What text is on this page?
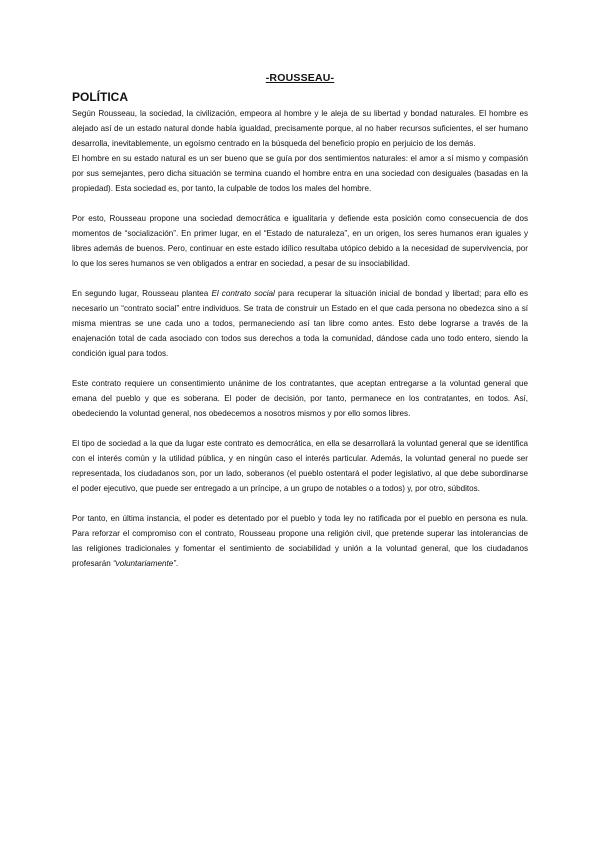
-ROUSSEAU-
POLÍTICA

Según Rousseau, la sociedad, la civilización, empeora al hombre y le aleja de su libertad y bondad naturales. El hombre es alejado así de un estado natural donde había igualdad, precisamente porque, al no haber recursos suficientes, el ser humano desarrolla, inevitablemente, un egoísmo centrado en la búsqueda del beneficio propio en perjuicio de los demás.

El hombre en su estado natural es un ser bueno que se guía por dos sentimientos naturales: el amor a sí mismo y compasión por sus semejantes, pero dicha situación se termina cuando el hombre entra en una sociedad con desiguales (basadas en la propiedad). Esta sociedad es, por tanto, la culpable de todos los males del hombre.

Por esto, Rousseau propone una sociedad democrática e igualitaria y defiende esta posición como consecuencia de dos momentos de “socialización”. En primer lugar, en el “Estado de naturaleza”, en un origen, los seres humanos eran iguales y libres además de buenos. Pero, continuar en este estado idílico resultaba utópico debido a la necesidad de supervivencia, por lo que los seres humanos se ven obligados a entrar en sociedad, a pesar de su insociabilidad.

En segundo lugar, Rousseau plantea El contrato social para recuperar la situación inicial de bondad y libertad; para ello es necesario un “contrato social” entre individuos. Se trata de construir un Estado en el que cada persona no obedezca sino a sí misma mientras se une cada uno a todos, permaneciendo así tan libre como antes. Esto debe lograrse a través de la enajenación total de cada asociado con todos sus derechos a toda la comunidad, dándose cada uno todo entero, siendo la condición igual para todos.

Este contrato requiere un consentimiento unánime de los contratantes, que aceptan entregarse a la voluntad general que emana del pueblo y que es soberana. El poder de decisión, por tanto, permanece en los contratantes, en todos. Así, obedeciendo la voluntad general, nos obedecemos a nosotros mismos y por ello somos libres.

El tipo de sociedad a la que da lugar este contrato es democrática, en ella se desarrollará la voluntad general que se identifica con el interés común y la utilidad pública, y en ningún caso el interés particular. Además, la voluntad general no puede ser representada, los ciudadanos son, por un lado, soberanos (el pueblo ostentará el poder legislativo, al que debe subordinarse el poder ejecutivo, que puede ser entregado a un príncipe, a un grupo de notables o a todos) y, por otro, súbditos.

Por tanto, en última instancia, el poder es detentado por el pueblo y toda ley no ratificada por el pueblo en persona es nula. Para reforzar el compromiso con el contrato, Rousseau propone una religión civil, que pretende superar las intolerancias de las religiones tradicionales y fomentar el sentimiento de sociabilidad y unión a la voluntad general, que los ciudadanos profesarán “voluntariamente”.
